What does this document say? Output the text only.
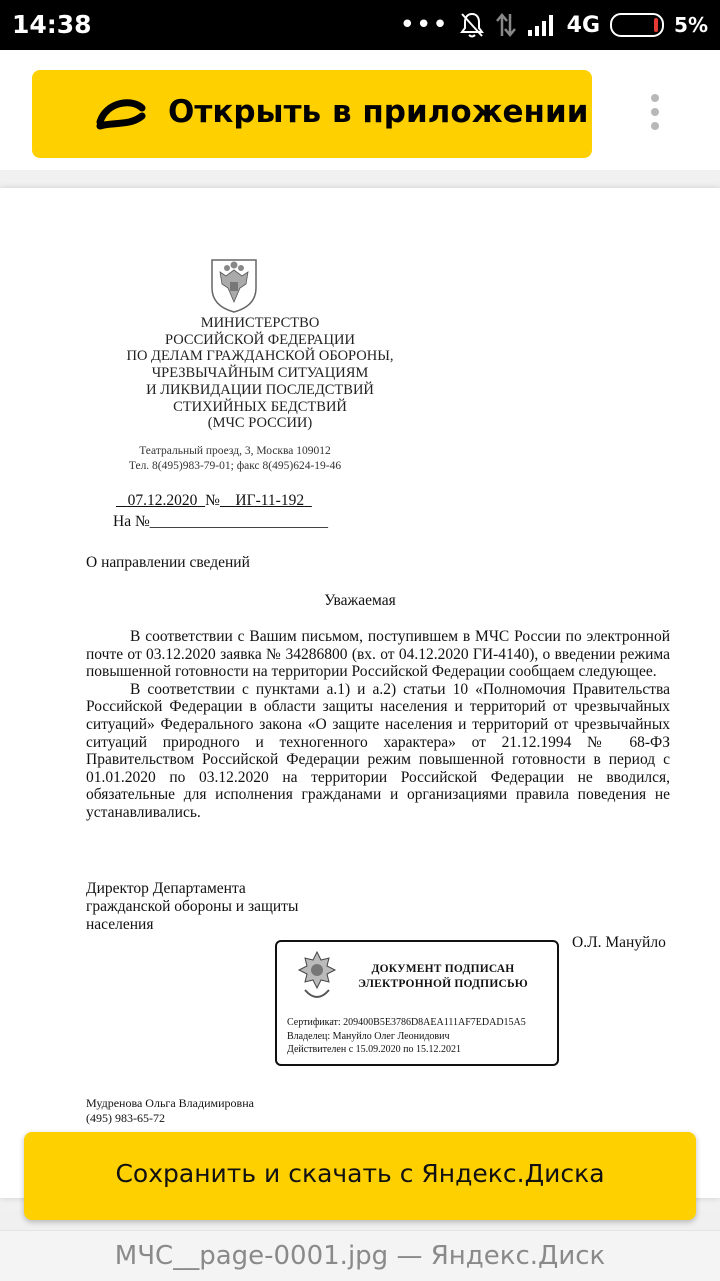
14:38	•••	4G	5%
Открыть в приложении
МИНИСТЕРСТВО
РОССИЙСКОЙ ФЕДЕРАЦИИ
ПО ДЕЛАМ ГРАЖДАНСКОЙ ОБОРОНЫ,
ЧРЕЗВЫЧАЙНЫМ СИТУАЦИЯМ
И ЛИКВИДАЦИИ ПОСЛЕДСТВИЙ
СТИХИЙНЫХ БЕДСТВИЙ
(МЧС РОССИИ)
Театральный проезд, 3, Москва 109012
Тел. 8(495)983-79-01; факс 8(495)624-19-46
07.12.2020 № ИГ-11-192
На №_______________________
О направлении сведений
Уважаемая

В соответствии с Вашим письмом, поступившем в МЧС России по электронной почте от 03.12.2020 заявка № 34286800 (вх. от 04.12.2020 ГИ-4140), о введении режима повышенной готовности на территории Российской Федерации сообщаем следующее.

В соответствии с пунктами а.1) и а.2) статьи 10 «Полномочия Правительства Российской Федерации в области защиты населения и территорий от чрезвычайных ситуаций» Федерального закона «О защите населения и территорий от чрезвычайных ситуаций природного и техногенного характера» от 21.12.1994 № 68-ФЗ Правительством Российской Федерации режим повышенной готовности в период с 01.01.2020 по 03.12.2020 на территории Российской Федерации не вводился, обязательные для исполнения гражданами и организациями правила поведения не устанавливались.

Директор Департамента
гражданской обороны и защиты
населения
О.Л. Мануйло
ДОКУМЕНТ ПОДПИСАН
ЭЛЕКТРОННОЙ ПОДПИСЬЮ
Сертификат: 209400B5E3786D8AEA111AF7EDAD15A5
Владелец: Мануйло Олег Леонидович
Действителен с 15.09.2020 по 15.12.2021
Мудренова Ольга Владимировна
(495) 983-65-72
Сохранить и скачать с Яндекс.Диска
МЧС__page-0001.jpg — Яндекс.Диск
